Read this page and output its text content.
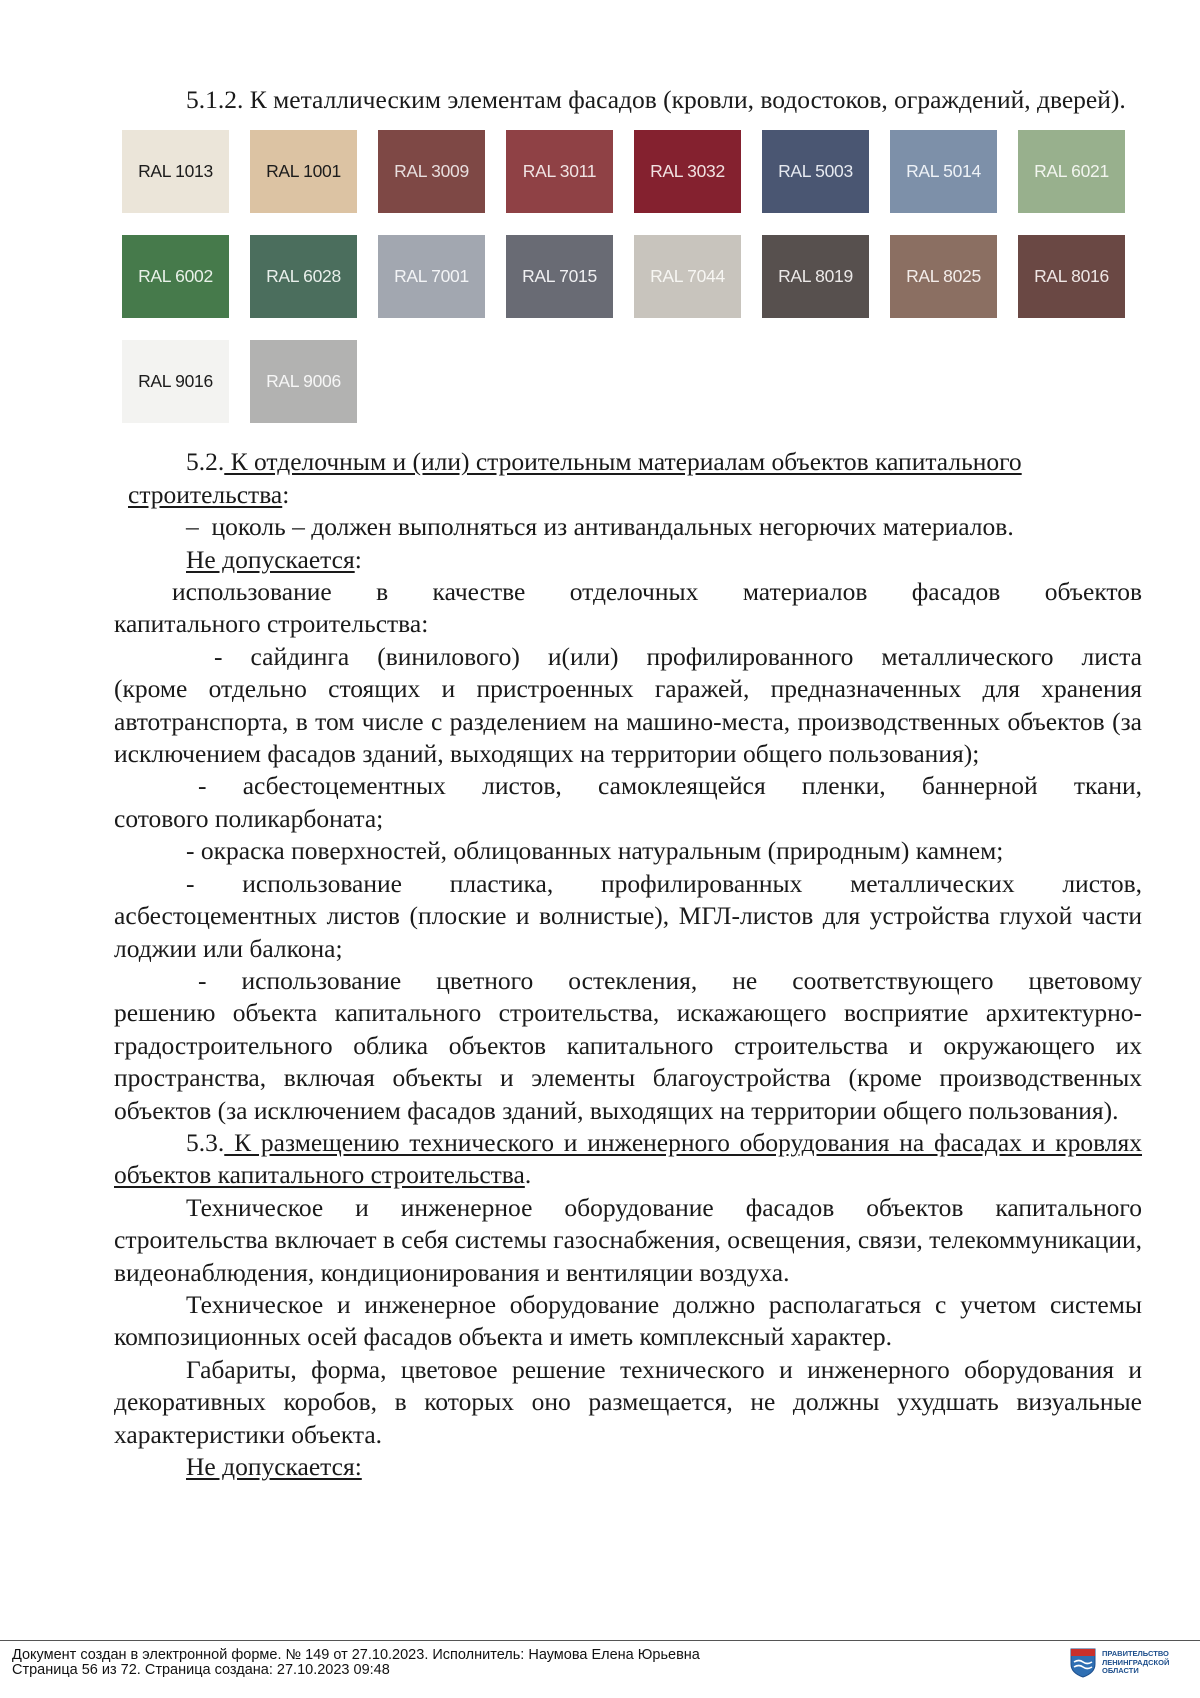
5.1.2. К металлическим элементам фасадов (кровли, водостоков, ограждений, дверей).

RAL 1013	RAL 1001	RAL 3009	RAL 3011	RAL 3032	RAL 5003	RAL 5014	RAL 6021
RAL 6002	RAL 6028	RAL 7001	RAL 7015	RAL 7044	RAL 8019	RAL 8025	RAL 8016
RAL 9016	RAL 9006

5.2. К отделочным и (или) строительным материалам объектов капитального

строительства:

– цоколь – должен выполняться из антивандальных негорючих материалов.

Не допускается:

использование в качестве отделочных материалов фасадов объектов

капитального строительства:

- сайдинга (винилового) и(или) профилированного металлического листа

(кроме отдельно стоящих и пристроенных гаражей, предназначенных для хранения автотранспорта, в том числе с разделением на машино-места, производственных объектов (за исключением фасадов зданий, выходящих на территории общего пользования);

- асбестоцементных листов, самоклеящейся пленки, баннерной ткани,

сотового поликарбоната;

- окраска поверхностей, облицованных натуральным (природным) камнем;

- использование пластика, профилированных металлических листов,

асбестоцементных листов (плоские и волнистые), МГЛ-листов для устройства глухой части лоджии или балкона;

- использование цветного остекления, не соответствующего цветовому

решению объекта капитального строительства, искажающего восприятие архитектурно-градостроительного облика объектов капитального строительства и окружающего их пространства, включая объекты и элементы благоустройства (кроме производственных объектов (за исключением фасадов зданий, выходящих на территории общего пользования).

5.3. К размещению технического и инженерного оборудования на фасадах и кровлях объектов капитального строительства.

Техническое и инженерное оборудование фасадов объектов капитального строительства включает в себя системы газоснабжения, освещения, связи, телекоммуникации, видеонаблюдения, кондиционирования и вентиляции воздуха.

Техническое и инженерное оборудование должно располагаться с учетом системы композиционных осей фасадов объекта и иметь комплексный характер.

Габариты, форма, цветовое решение технического и инженерного оборудования и декоративных коробов, в которых оно размещается, не должны ухудшать визуальные характеристики объекта.

Не допускается:

Документ создан в электронной форме. № 149 от 27.10.2023. Исполнитель: Наумова Елена Юрьевна
Страница 56 из 72. Страница создана: 27.10.2023 09:48
ПРАВИТЕЛЬСТВО ЛЕНИНГРАДСКОЙ ОБЛАСТИ
